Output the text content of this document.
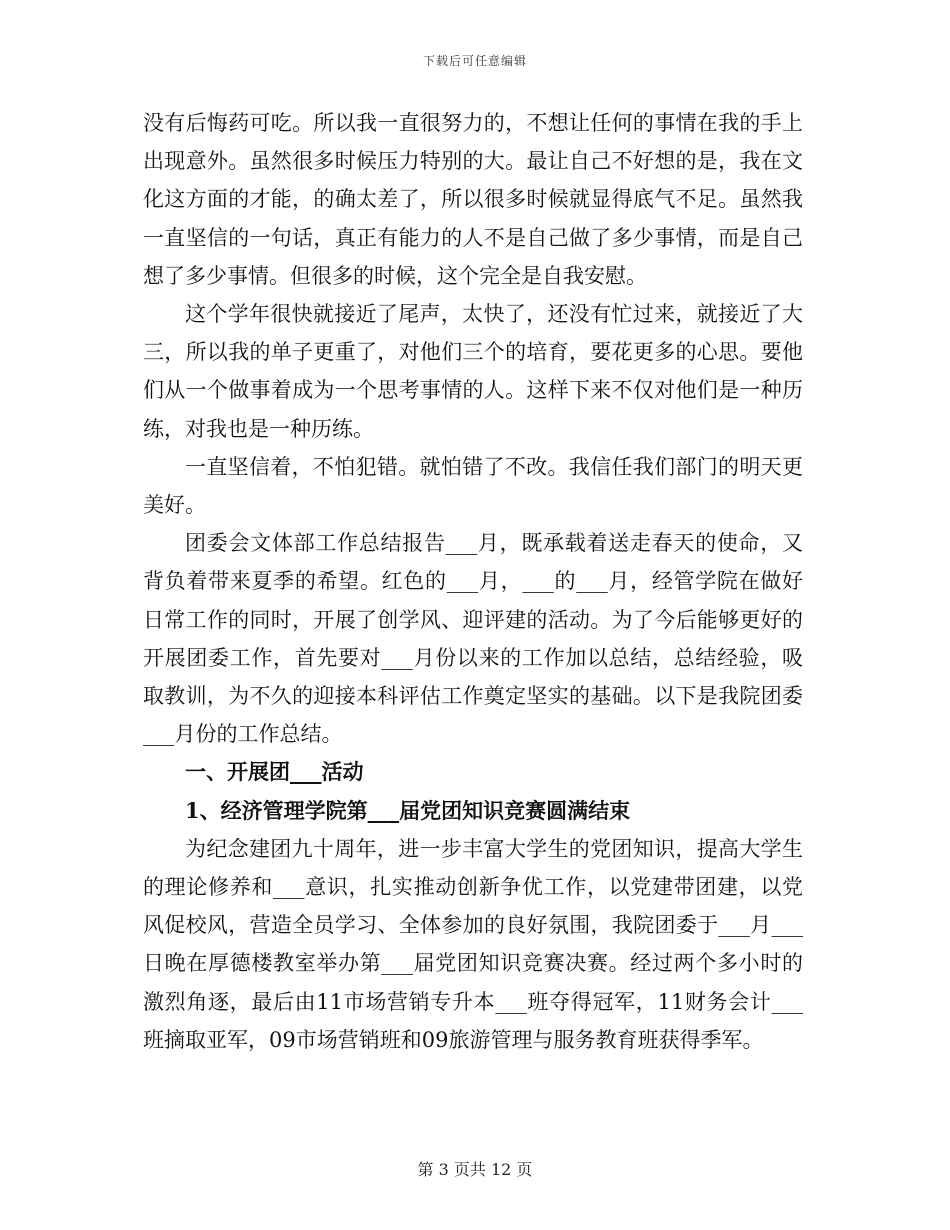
下载后可任意编辑

没有后悔药可吃。所以我一直很努力的，不想让任何的事情在我的手上出现意外。虽然很多时候压力特别的大。最让自己不好想的是，我在文化这方面的才能，的确太差了，所以很多时候就显得底气不足。虽然我一直坚信的一句话，真正有能力的人不是自己做了多少事情，而是自己想了多少事情。但很多的时候，这个完全是自我安慰。

这个学年很快就接近了尾声，太快了，还没有忙过来，就接近了大三，所以我的单子更重了，对他们三个的培育，要花更多的心思。要他们从一个做事着成为一个思考事情的人。这样下来不仅对他们是一种历练，对我也是一种历练。

一直坚信着，不怕犯错。就怕错了不改。我信任我们部门的明天更美好。

团委会文体部工作总结报告___月，既承载着送走春天的使命，又背负着带来夏季的希望。红色的___月，___的___月，经管学院在做好日常工作的同时，开展了创学风、迎评建的活动。为了今后能够更好的开展团委工作，首先要对___月份以来的工作加以总结，总结经验，吸取教训，为不久的迎接本科评估工作奠定坚实的基础。以下是我院团委___月份的工作总结。

一、开展团___活动

1、经济管理学院第___届党团知识竞赛圆满结束

为纪念建团九十周年，进一步丰富大学生的党团知识，提高大学生的理论修养和___意识，扎实推动创新争优工作，以党建带团建，以党风促校风，营造全员学习、全体参加的良好氛围，我院团委于___月___日晚在厚德楼教室举办第___届党团知识竞赛决赛。经过两个多小时的激烈角逐，最后由11市场营销专升本___班夺得冠军，11财务会计___班摘取亚军，09市场营销班和09旅游管理与服务教育班获得季军。

第 3 页共 12 页
